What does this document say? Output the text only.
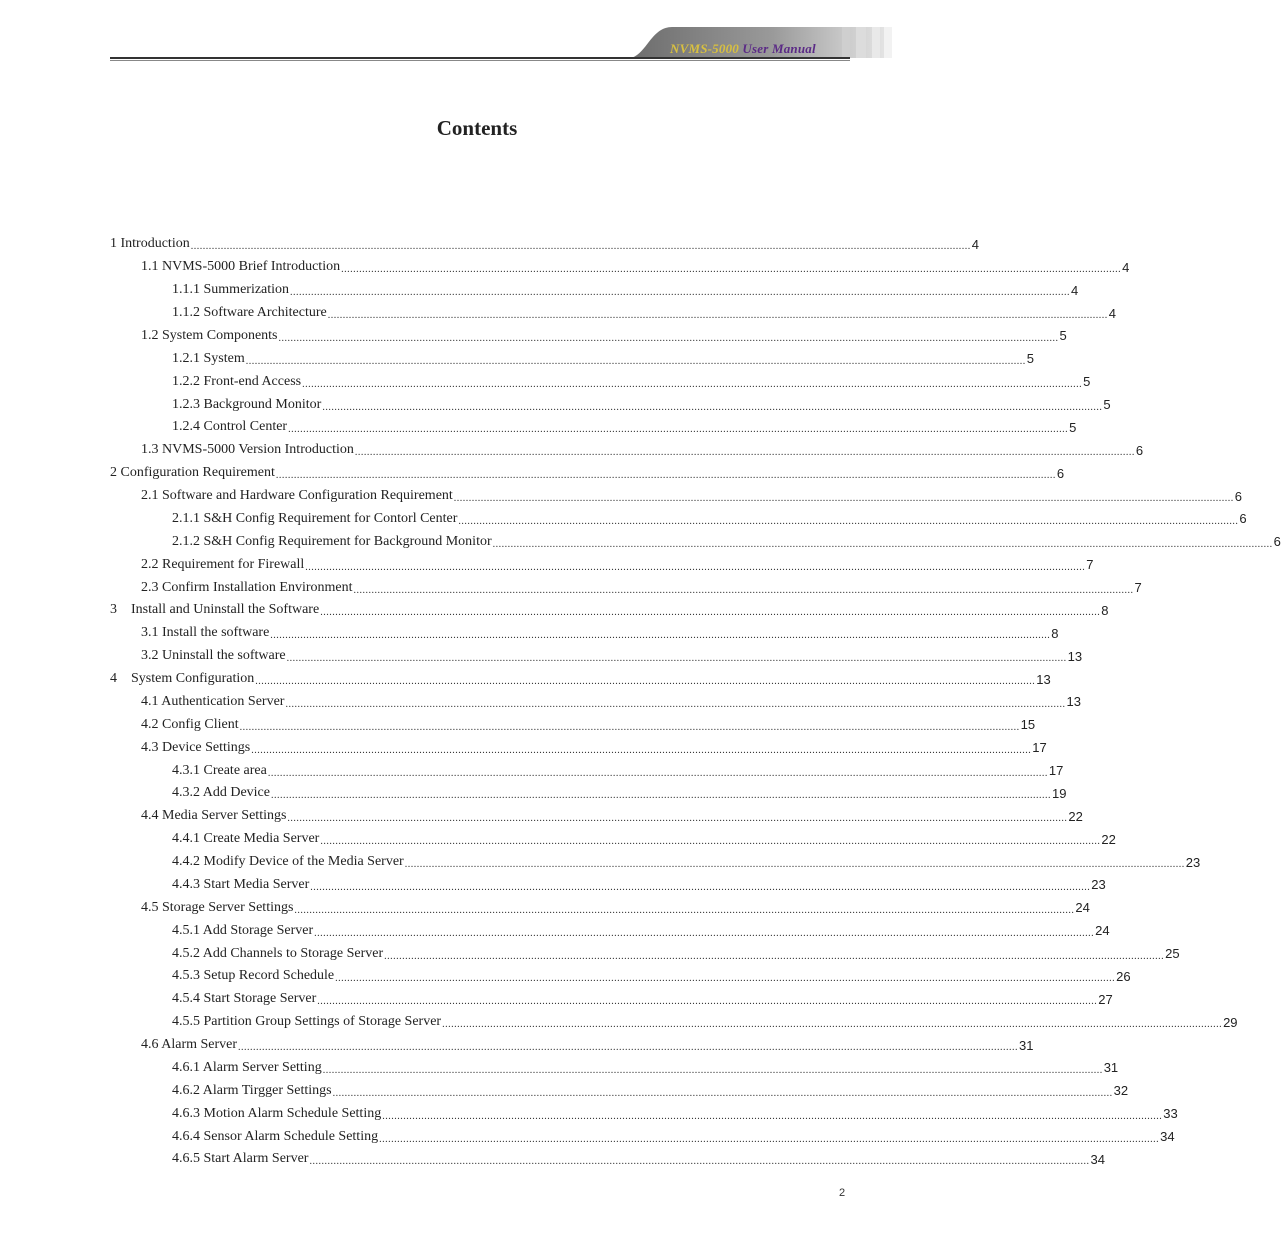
NVMS-5000 User Manual
Contents
1 Introduction .................................................................................................................................................................................................................................................................... 4
1.1 NVMS-5000 Brief Introduction .................................................................................................................................................................................................................................................................... 4
1.1.1 Summerization .................................................................................................................................................................................................................................................................... 4
1.1.2 Software Architecture .................................................................................................................................................................................................................................................................... 4
1.2 System Components .................................................................................................................................................................................................................................................................... 5
1.2.1 System .................................................................................................................................................................................................................................................................... 5
1.2.2 Front-end Access .................................................................................................................................................................................................................................................................... 5
1.2.3 Background Monitor .................................................................................................................................................................................................................................................................... 5
1.2.4 Control Center .................................................................................................................................................................................................................................................................... 5
1.3 NVMS-5000 Version Introduction .................................................................................................................................................................................................................................................................... 6
2 Configuration Requirement .................................................................................................................................................................................................................................................................... 6
2.1 Software and Hardware Configuration Requirement .................................................................................................................................................................................................................................................................... 6
2.1.1 S&H Config Requirement for Contorl Center .................................................................................................................................................................................................................................................................... 6
2.1.2 S&H Config Requirement for Background Monitor .................................................................................................................................................................................................................................................................... 6
2.2 Requirement for Firewall .................................................................................................................................................................................................................................................................... 7
2.3 Confirm Installation Environment .................................................................................................................................................................................................................................................................... 7
3    Install and Uninstall the Software .................................................................................................................................................................................................................................................................... 8
3.1 Install the software .................................................................................................................................................................................................................................................................... 8
3.2 Uninstall the software .................................................................................................................................................................................................................................................................... 13
4    System Configuration .................................................................................................................................................................................................................................................................... 13
4.1 Authentication Server .................................................................................................................................................................................................................................................................... 13
4.2 Config Client .................................................................................................................................................................................................................................................................... 15
4.3 Device Settings .................................................................................................................................................................................................................................................................... 17
4.3.1 Create area .................................................................................................................................................................................................................................................................... 17
4.3.2 Add Device .................................................................................................................................................................................................................................................................... 19
4.4 Media Server Settings .................................................................................................................................................................................................................................................................... 22
4.4.1 Create Media Server .................................................................................................................................................................................................................................................................... 22
4.4.2 Modify Device of the Media Server .................................................................................................................................................................................................................................................................... 23
4.4.3 Start Media Server .................................................................................................................................................................................................................................................................... 23
4.5 Storage Server Settings .................................................................................................................................................................................................................................................................... 24
4.5.1 Add Storage Server .................................................................................................................................................................................................................................................................... 24
4.5.2 Add Channels to Storage Server .................................................................................................................................................................................................................................................................... 25
4.5.3 Setup Record Schedule .................................................................................................................................................................................................................................................................... 26
4.5.4 Start Storage Server .................................................................................................................................................................................................................................................................... 27
4.5.5 Partition Group Settings of Storage Server .................................................................................................................................................................................................................................................................... 29
4.6 Alarm Server .................................................................................................................................................................................................................................................................... 31
4.6.1 Alarm Server Setting .................................................................................................................................................................................................................................................................... 31
4.6.2 Alarm Tirgger Settings .................................................................................................................................................................................................................................................................... 32
4.6.3 Motion Alarm Schedule Setting .................................................................................................................................................................................................................................................................... 33
4.6.4 Sensor Alarm Schedule Setting .................................................................................................................................................................................................................................................................... 34
4.6.5 Start Alarm Server .................................................................................................................................................................................................................................................................... 34
2
